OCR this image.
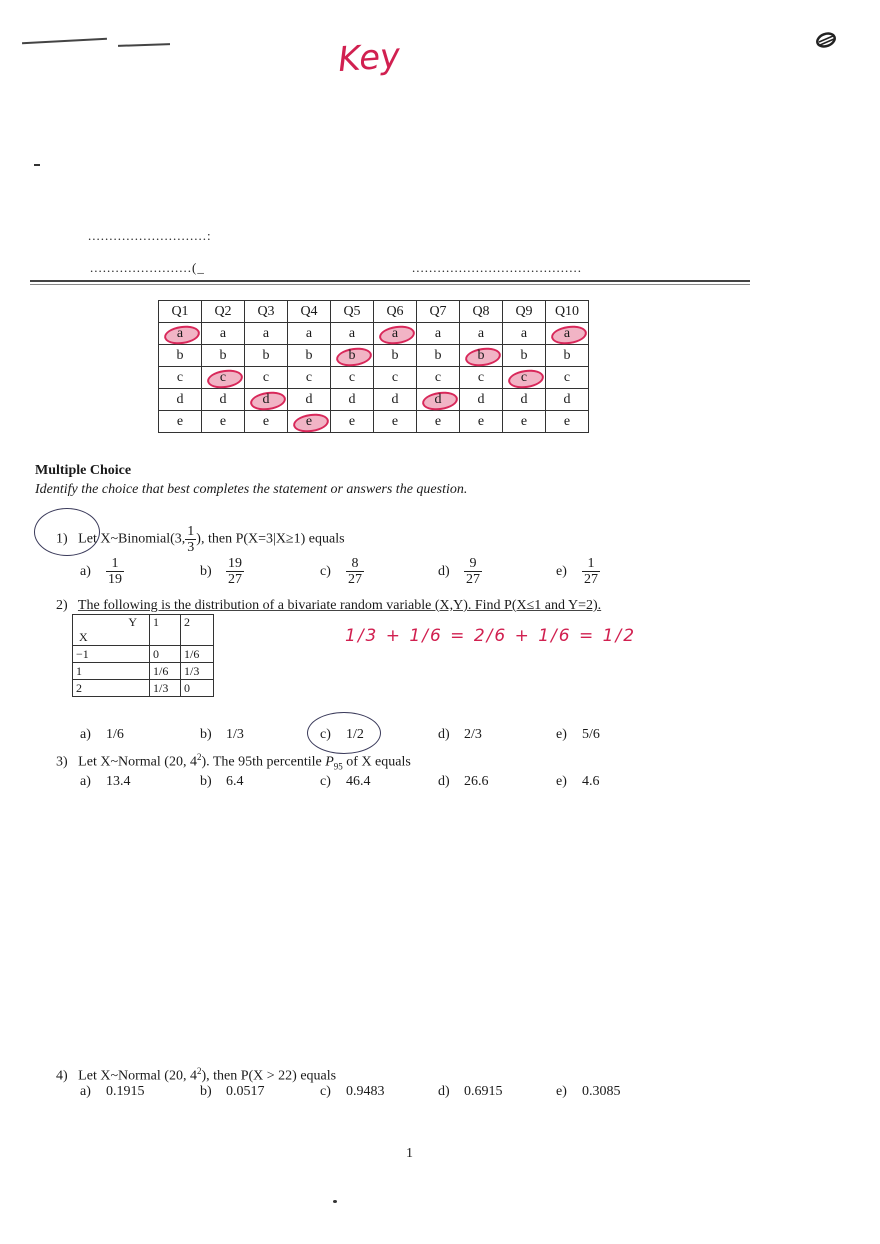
Key
............................:
........................(_	........................................
Q1	Q2	Q3	Q4	Q5	Q6	Q7	Q8	Q9	Q10

a	a	a	a	a	a	a	a	a	a
b	b	b	b	b	b	b	b	b	b
c	c	c	c	c	c	c	c	c	c
d	d	d	d	d	d	d	d	d	d
e	e	e	e	e	e	e	e	e	e
Multiple Choice
Identify the choice that best completes the statement or answers the question.
1) Let X~Binomial(3, $\frac{1}{3}$ ), then P(X=3|X≥1) equals
$a) \frac{1}{19}$	$b) \frac{19}{27}$	$c) \frac{8}{27}$	$d) \frac{9}{27}$	$e) \frac{1}{27}$
2) The following is the distribution of a bivariate random variable (X,Y). Find P(X≤1 and Y=2).
Y
X	1	2
−1	0	1/6
1	1/6	1/3
2	1/3	0
1/3 + 1/6 = 2/6 + 1/6 = 1/2
a) 1/6	b) 1/3	c) 1/2	d) 2/3	e) 5/6
3) Let X~Normal (20, $4^2$). The 95th percentile $P_{95}$ of X equals
a) 13.4	b) 6.4	c) 46.4	d) 26.6	e) 4.6
4) Let X~Normal (20, $4^2$), then P(X > 22) equals
a) 0.1915	b) 0.0517	c) 0.9483	d) 0.6915	e) 0.3085
1
